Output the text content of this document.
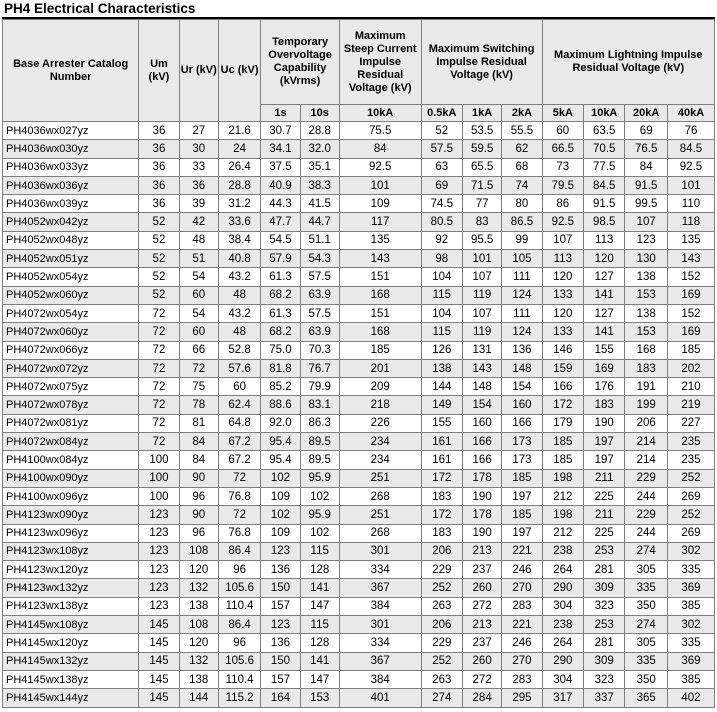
PH4 Electrical Characteristics
Base Arrester Catalog Number	Um (kV)	Ur (kV)	Uc (kV)	Temporary Overvoltage Capability (kVrms)		Maximum Steep Current Impulse Residual Voltage (kV)	Maximum Switching Impulse Residual Voltage (kV)			Maximum Lightning Impulse Residual Voltage (kV)			
				1s	10s	10kA	0.5kA	1kA	2kA	5kA	10kA	20kA	40kA
PH4036wx027yz	36	27	21.6	30.7	28.8	75.5	52	53.5	55.5	60	63.5	69	76
PH4036wx030yz	36	30	24	34.1	32.0	84	57.5	59.5	62	66.5	70.5	76.5	84.5
PH4036wx033yz	36	33	26.4	37.5	35.1	92.5	63	65.5	68	73	77.5	84	92.5
PH4036wx036yz	36	36	28.8	40.9	38.3	101	69	71.5	74	79.5	84.5	91.5	101
PH4036wx039yz	36	39	31.2	44.3	41.5	109	74.5	77	80	86	91.5	99.5	110
PH4052wx042yz	52	42	33.6	47.7	44.7	117	80.5	83	86.5	92.5	98.5	107	118
PH4052wx048yz	52	48	38.4	54.5	51.1	135	92	95.5	99	107	113	123	135
PH4052wx051yz	52	51	40.8	57.9	54.3	143	98	101	105	113	120	130	143
PH4052wx054yz	52	54	43.2	61.3	57.5	151	104	107	111	120	127	138	152
PH4052wx060yz	52	60	48	68.2	63.9	168	115	119	124	133	141	153	169
PH4072wx054yz	72	54	43.2	61.3	57.5	151	104	107	111	120	127	138	152
PH4072wx060yz	72	60	48	68.2	63.9	168	115	119	124	133	141	153	169
PH4072wx066yz	72	66	52.8	75.0	70.3	185	126	131	136	146	155	168	185
PH4072wx072yz	72	72	57.6	81.8	76.7	201	138	143	148	159	169	183	202
PH4072wx075yz	72	75	60	85.2	79.9	209	144	148	154	166	176	191	210
PH4072wx078yz	72	78	62.4	88.6	83.1	218	149	154	160	172	183	199	219
PH4072wx081yz	72	81	64.8	92.0	86.3	226	155	160	166	179	190	206	227
PH4072wx084yz	72	84	67.2	95.4	89.5	234	161	166	173	185	197	214	235
PH4100wx084yz	100	84	67.2	95.4	89.5	234	161	166	173	185	197	214	235
PH4100wx090yz	100	90	72	102	95.9	251	172	178	185	198	211	229	252
PH4100wx096yz	100	96	76.8	109	102	268	183	190	197	212	225	244	269
PH4123wx090yz	123	90	72	102	95.9	251	172	178	185	198	211	229	252
PH4123wx096yz	123	96	76.8	109	102	268	183	190	197	212	225	244	269
PH4123wx108yz	123	108	86.4	123	115	301	206	213	221	238	253	274	302
PH4123wx120yz	123	120	96	136	128	334	229	237	246	264	281	305	335
PH4123wx132yz	123	132	105.6	150	141	367	252	260	270	290	309	335	369
PH4123wx138yz	123	138	110.4	157	147	384	263	272	283	304	323	350	385
PH4145wx108yz	145	108	86.4	123	115	301	206	213	221	238	253	274	302
PH4145wx120yz	145	120	96	136	128	334	229	237	246	264	281	305	335
PH4145wx132yz	145	132	105.6	150	141	367	252	260	270	290	309	335	369
PH4145wx138yz	145	138	110.4	157	147	384	263	272	283	304	323	350	385
PH4145wx144yz	145	144	115.2	164	153	401	274	284	295	317	337	365	402
